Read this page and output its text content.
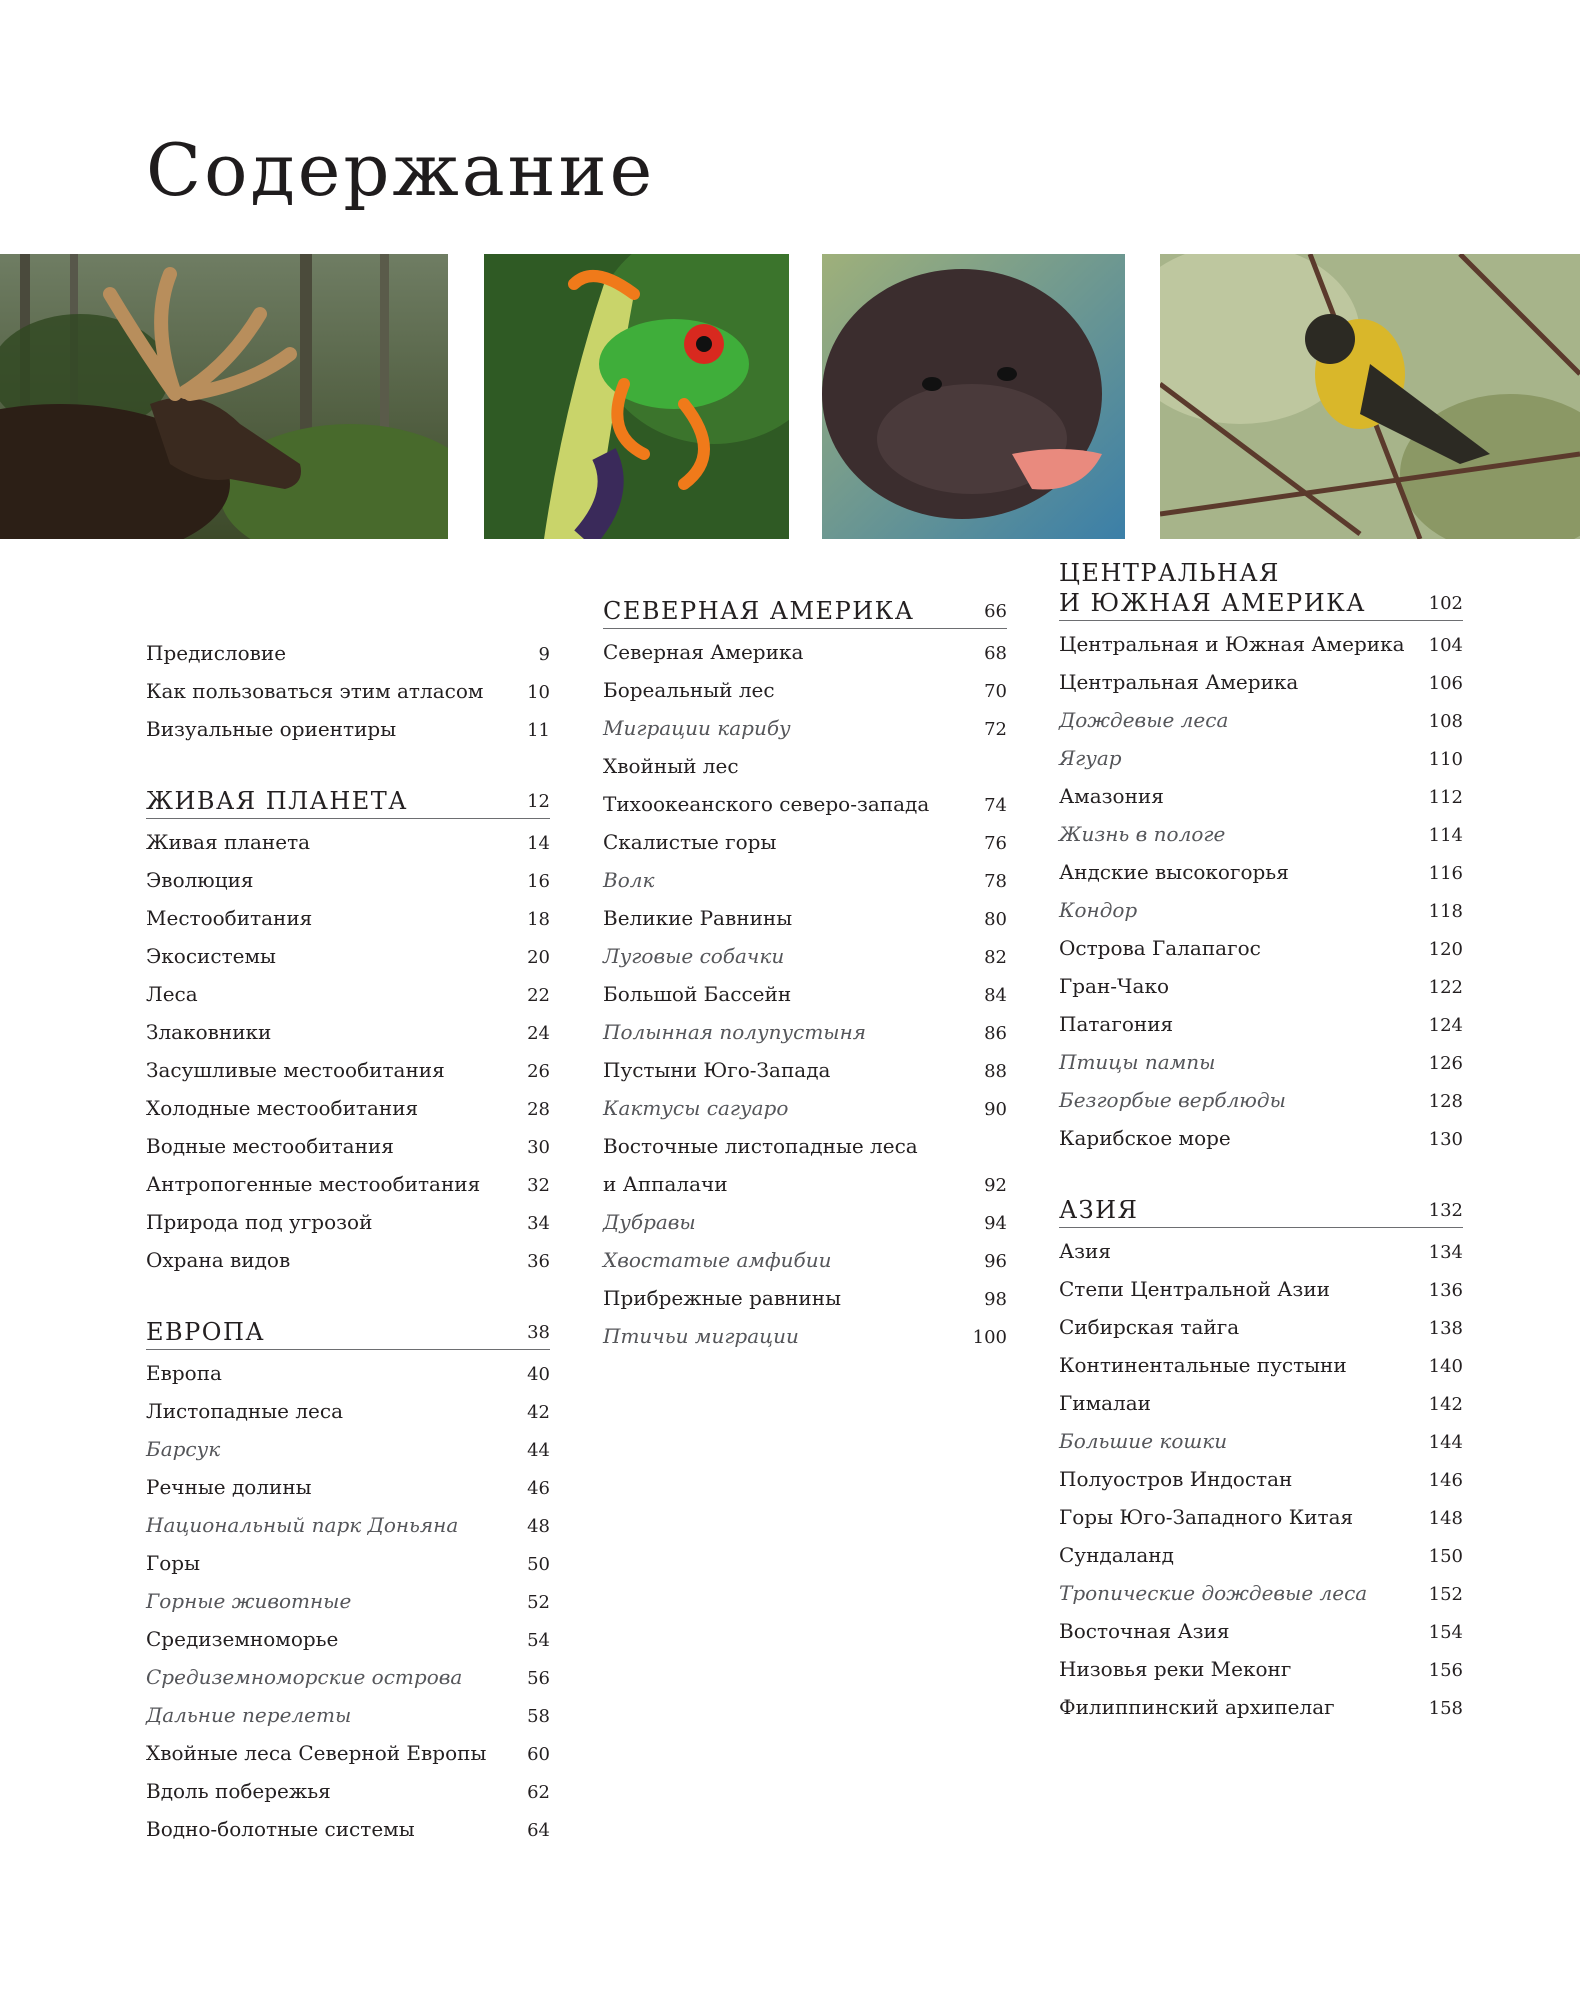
Содержание
Предисловие	9
Как пользоваться этим атласом 10
Визуальные ориентиры	11
ЖИВАЯ ПЛАНЕТА	12
Живая планета	14
Эволюция	16
Местообитания	18
Экосистемы	20
Леса	22
Злаковники	24
Засушливые местообитания	26
Холодные местообитания	28
Водные местообитания	30
Антропогенные местообитания	32
Природа под угрозой	34
Охрана видов	36
ЕВРОПА	38
Европа	40
Листопадные леса	42
Барсук	44
Речные долины	46
Национальный парк Доньяна	48
Горы	50
Горные животные	52
Средиземноморье	54
Средиземноморские острова	56
Дальние перелеты	58
Хвойные леса Северной Европы 60
Вдоль побережья	62
Водно-болотные системы	64
СЕВЕРНАЯ АМЕРИКА	66
Северная Америка	68
Бореальный лес	70
Миграции карибу	72
Хвойный лес
Тихоокеанского северо-запада	74
Скалистые горы	76
Волк	78
Великие Равнины	80
Луговые собачки	82
Большой Бассейн	84
Полынная полупустыня	86
Пустыни Юго-Запада	88
Кактусы сагуаро	90
Восточные листопадные леса
и Аппалачи	92
Дубравы	94
Хвостатые амфибии	96
Прибрежные равнины	98
Птичьи миграции	100
ЦЕНТРАЛЬНАЯ
И ЮЖНАЯ АМЕРИКА	102
Центральная и Южная Америка 104
Центральная Америка	106
Дождевые леса	108
Ягуар	110
Амазония	112
Жизнь в пологе	114
Андские высокогорья	116
Кондор	118
Острова Галапагос	120
Гран-Чако	122
Патагония	124
Птицы пампы	126
Безгорбые верблюды	128
Карибское море	130
АЗИЯ	132
Азия	134
Степи Центральной Азии	136
Сибирская тайга	138
Континентальные пустыни	140
Гималаи	142
Большие кошки	144
Полуостров Индостан	146
Горы Юго-Западного Китая	148
Сундаланд	150
Тропические дождевые леса	152
Восточная Азия	154
Низовья реки Меконг	156
Филиппинский архипелаг	158
